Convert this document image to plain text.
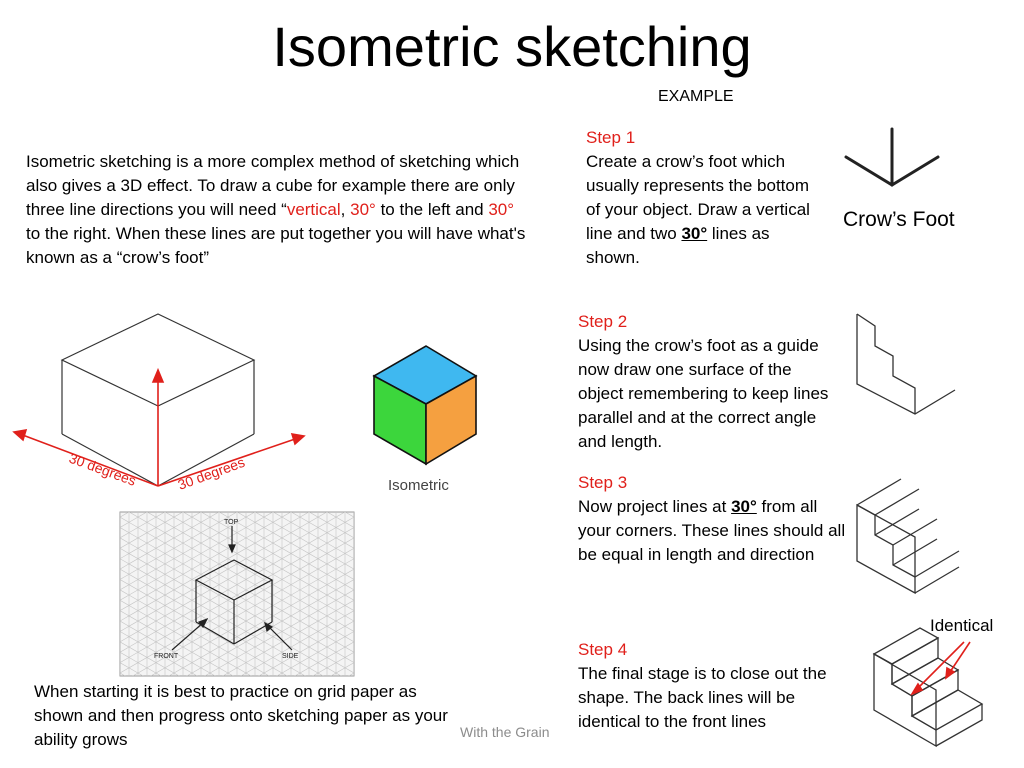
Isometric sketching
EXAMPLE
Isometric sketching is a more complex method of sketching which also gives a 3D effect. To draw a cube for example there are only three line directions you will need “vertical, 30° to the left and 30° to the right. When these lines are put together you will have what's known as a “crow’s foot”
Step 1
Create a crow’s foot which usually represents the bottom of your object. Draw a vertical line and two 30° lines as shown.
Step 2
Using the crow’s foot as a guide now draw one surface of the object remembering to keep lines parallel and at the correct angle and length.
Step 3
Now project lines at 30° from all your corners. These lines should all be equal in length and direction
Step 4
The final stage is to close out the shape. The back lines will be identical to the front lines
Crow’s Foot
Identical
30 degrees	30 degrees	Isometric
TOP
FRONT	SIDE
When starting it is best to practice on grid paper as shown and then progress onto sketching paper as your ability grows	With the Grain
